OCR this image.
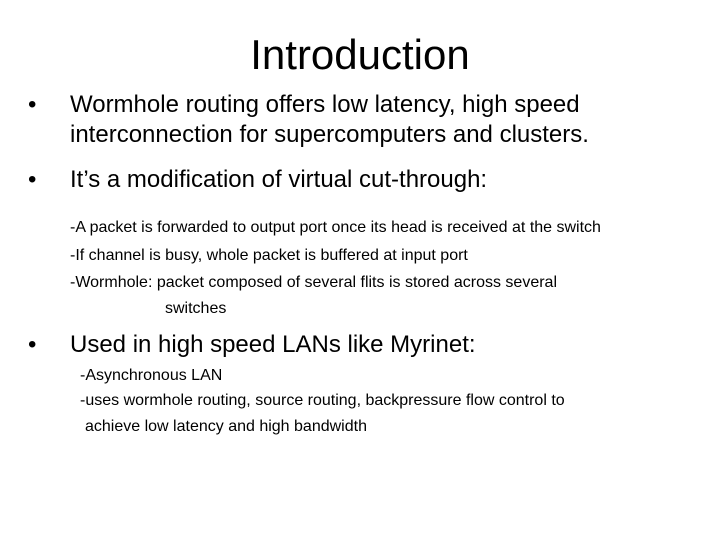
Introduction
•	Wormhole routing offers low latency, high speed
interconnection for supercomputers and clusters.
•	It’s a modification of virtual cut-through:
-A packet is forwarded to output port once its head is received at the switch
-If channel is busy, whole packet is buffered at input port
-Wormhole: packet composed of several flits is stored across several
switches
•	Used in high speed LANs like Myrinet:
-Asynchronous LAN
-uses wormhole routing, source routing, backpressure flow control to
achieve low latency and high bandwidth
